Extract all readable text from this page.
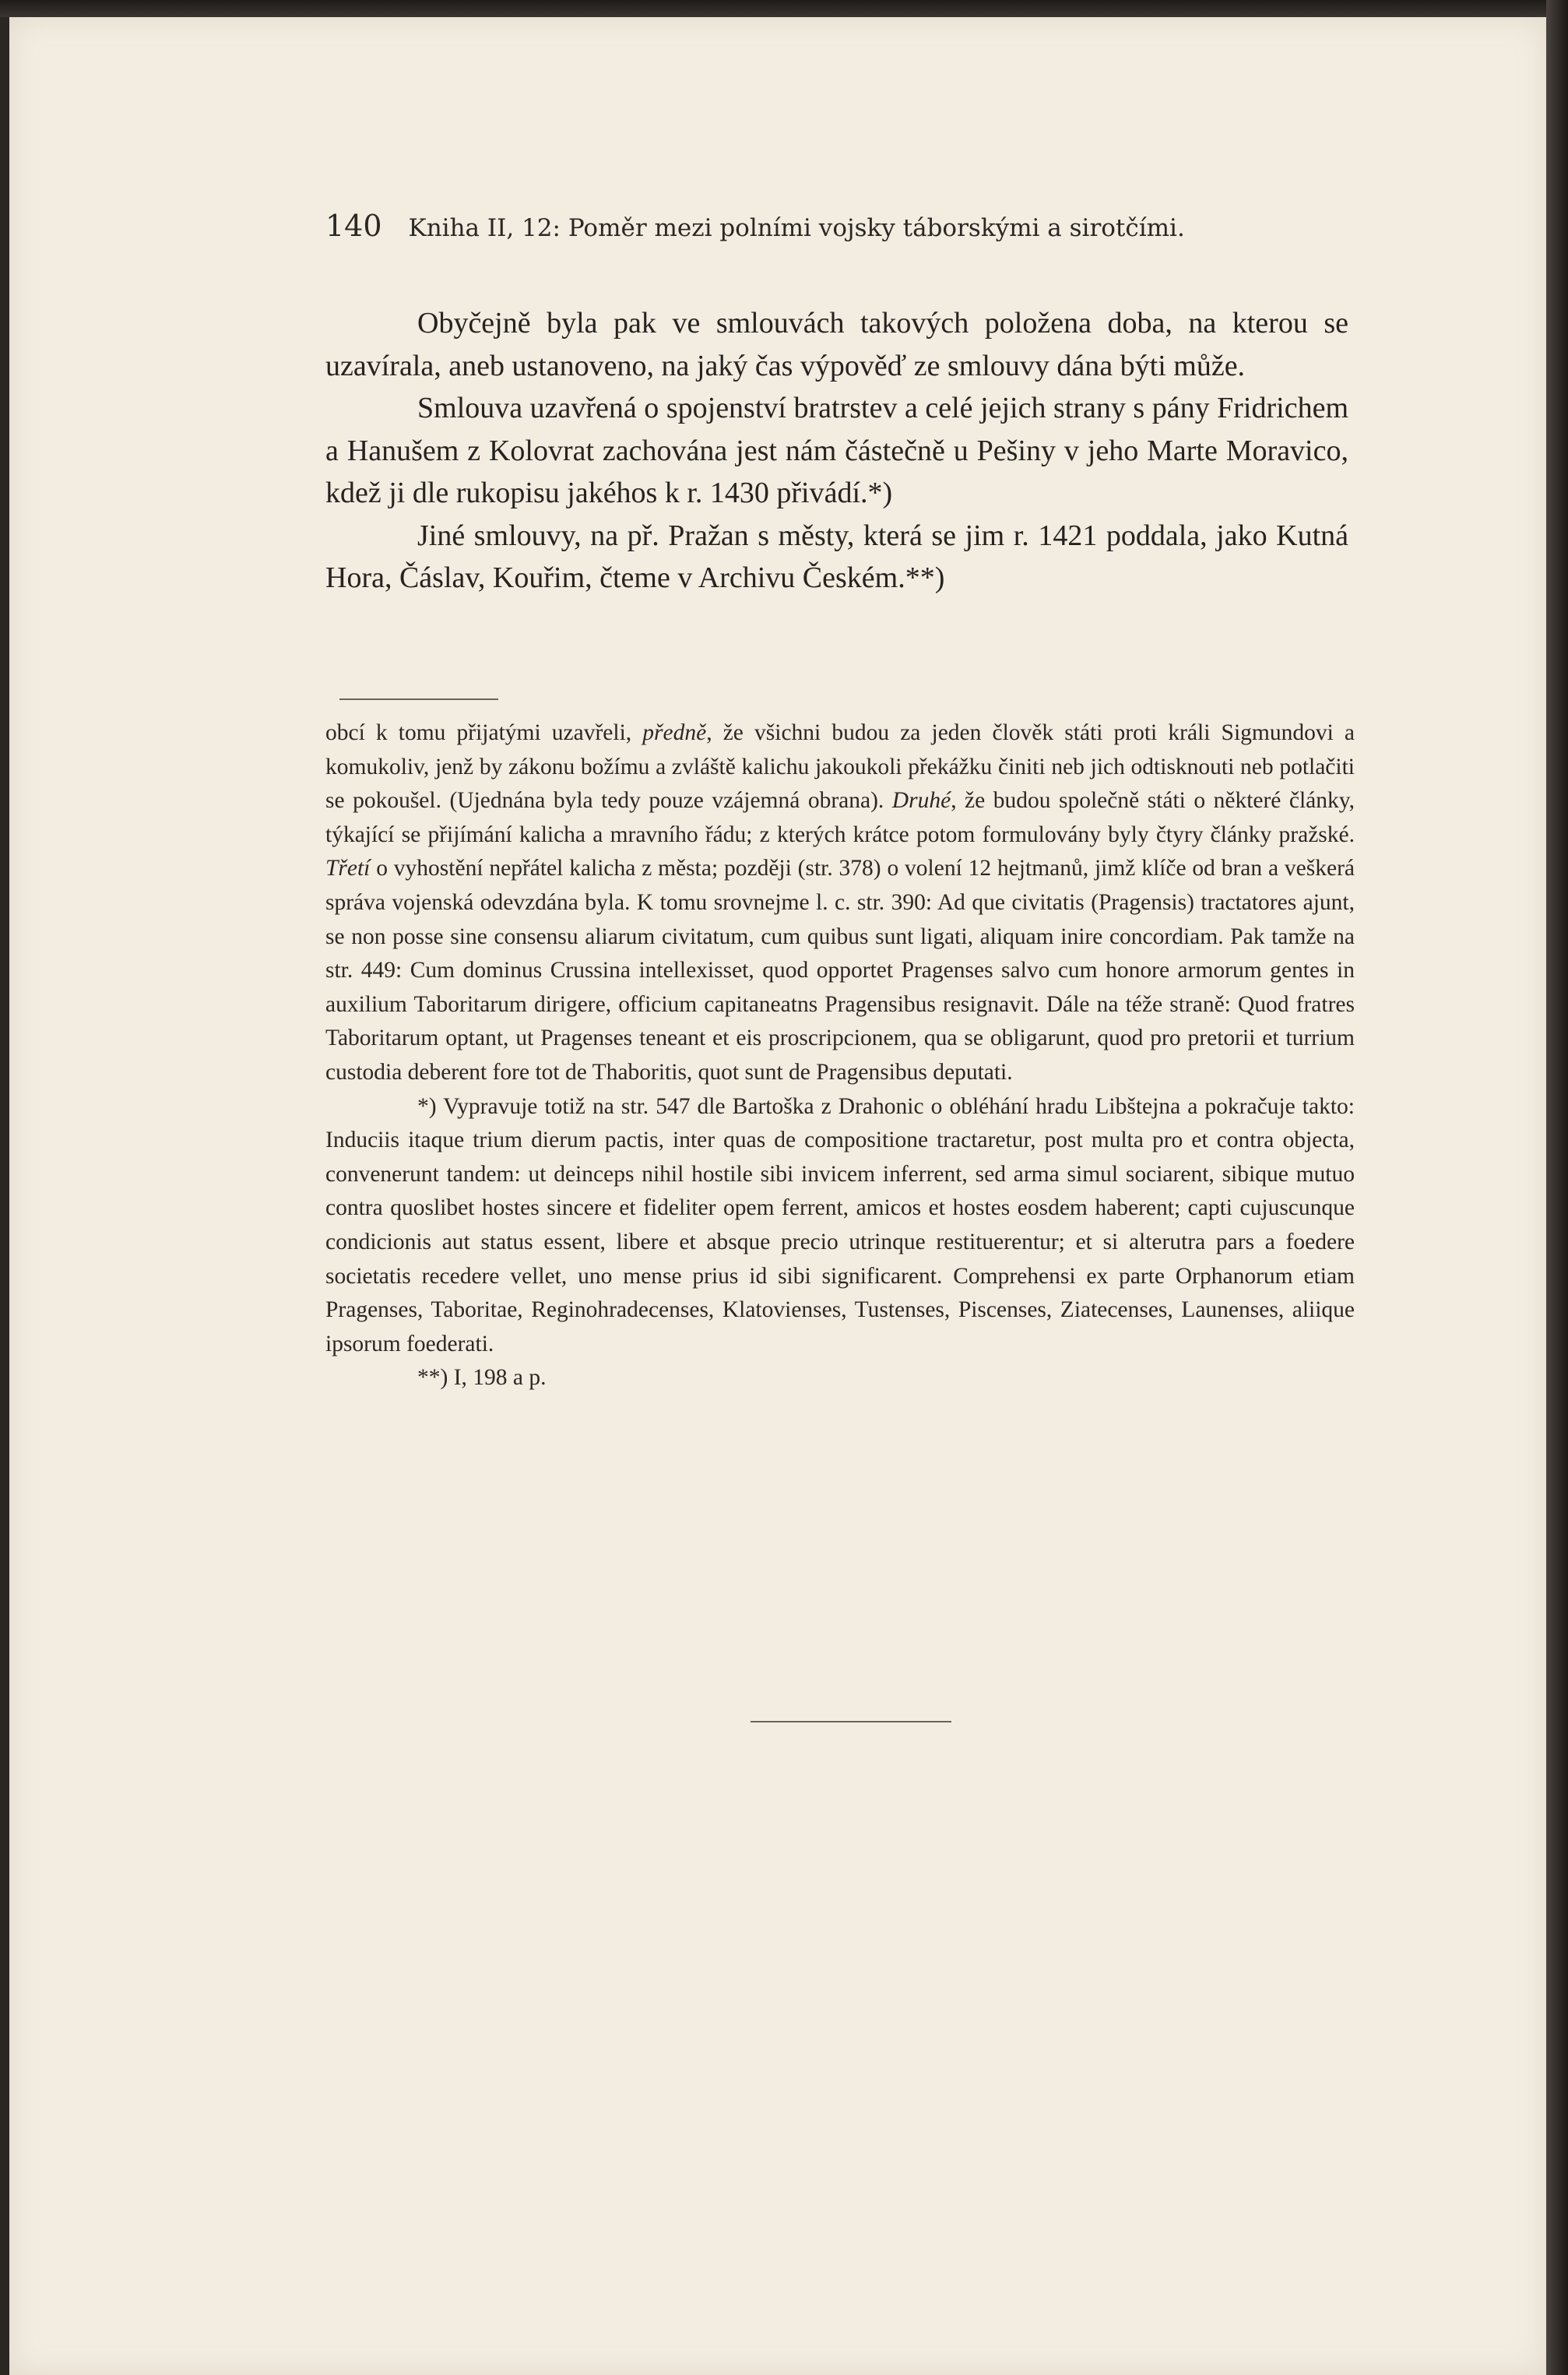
140 Kniha II, 12: Poměr mezi polními vojsky táborskými a sirotčími.

Obyčejně byla pak ve smlouvách takových položena doba, na kterou se uzavírala, aneb ustanoveno, na jaký čas výpověď ze smlouvy dána býti může.

Smlouva uzavřená o spojenství bratrstev a celé jejich strany s pány Fridrichem a Hanušem z Kolovrat zachována jest nám částečně u Pešiny v jeho Marte Moravico, kdež ji dle rukopisu jakéhos k r. 1430 přivádí.*)

Jiné smlouvy, na př. Pražan s městy, která se jim r. 1421 poddala, jako Kutná Hora, Čáslav, Kouřim, čteme v Archivu Českém.**)

obcí k tomu přijatými uzavřeli, předně, že všichni budou za jeden člověk státi proti králi Sigmundovi a komukoliv, jenž by zákonu božímu a zvláště kalichu jakoukoli překážku činiti neb jich odtisknouti neb potlačiti se pokoušel. (Ujednána byla tedy pouze vzájemná obrana). Druhé, že budou společně státi o některé články, týkající se přijímání kalicha a mravního řádu; z kterých krátce potom formulovány byly čtyry články pražské. Třetí o vyhostění nepřátel kalicha z města; později (str. 378) o volení 12 hejtmanů, jimž klíče od bran a veškerá správa vojenská odevzdána byla. K tomu srovnejme l. c. str. 390: Ad que civitatis (Pragensis) tractatores ajunt, se non posse sine consensu aliarum civitatum, cum quibus sunt ligati, aliquam inire concordiam. Pak tamže na str. 449: Cum dominus Crussina intellexisset, quod opportet Pragenses salvo cum honore armorum gentes in auxilium Taboritarum dirigere, officium capitaneatns Pragensibus resignavit. Dále na téže straně: Quod fratres Taboritarum optant, ut Pragenses teneant et eis proscripcionem, qua se obligarunt, quod pro pretorii et turrium custodia deberent fore tot de Thaboritis, quot sunt de Pragensibus deputati.

*) Vypravuje totiž na str. 547 dle Bartoška z Drahonic o obléhání hradu Libštejna a pokračuje takto: Induciis itaque trium dierum pactis, inter quas de compositione tractaretur, post multa pro et contra objecta, convenerunt tandem: ut deinceps nihil hostile sibi invicem inferrent, sed arma simul sociarent, sibique mutuo contra quoslibet hostes sincere et fideliter opem ferrent, amicos et hostes eosdem haberent; capti cujuscunque condicionis aut status essent, libere et absque precio utrinque restituerentur; et si alterutra pars a foedere societatis recedere vellet, uno mense prius id sibi significarent. Comprehensi ex parte Orphanorum etiam Pragenses, Taboritae, Reginohradecenses, Klatovienses, Tustenses, Piscenses, Ziatecenses, Launenses, aliique ipsorum foederati.

**) I, 198 a p.
